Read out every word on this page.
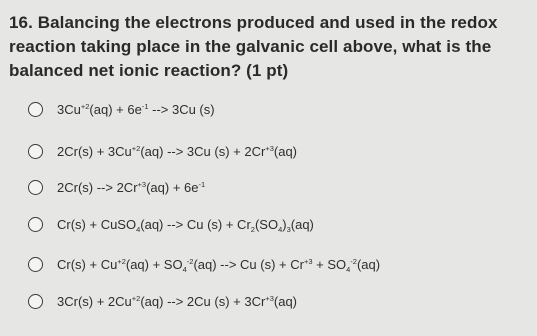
16. Balancing the electrons produced and used in the redox reaction taking place in the galvanic cell above, what is the balanced net ionic reaction? (1 pt)
$3Cu^{+2}(aq) + 6e^{-1}$ --> 3Cu (s)
$2Cr(s) + 3Cu^{+2}(aq)$ --> 3Cu $(s) + 2Cr^{+3}(aq)$
2Cr(s) --> $2Cr^{+3}(aq) + 6e^{-1}$
Cr(s) + CuSO$_4$(aq) --> Cu $(s) + Cr_2(SO_4)_3(aq)$
$Cr(s) + Cu^{+2}(aq) + SO_4^{-2}(aq)$ --> Cu $(s) + Cr^{+3} + SO_4^{-2}(aq)$
$3Cr(s) + 2Cu^{+2}(aq)$ --> 2Cu $(s) + 3Cr^{+3}(aq)$
